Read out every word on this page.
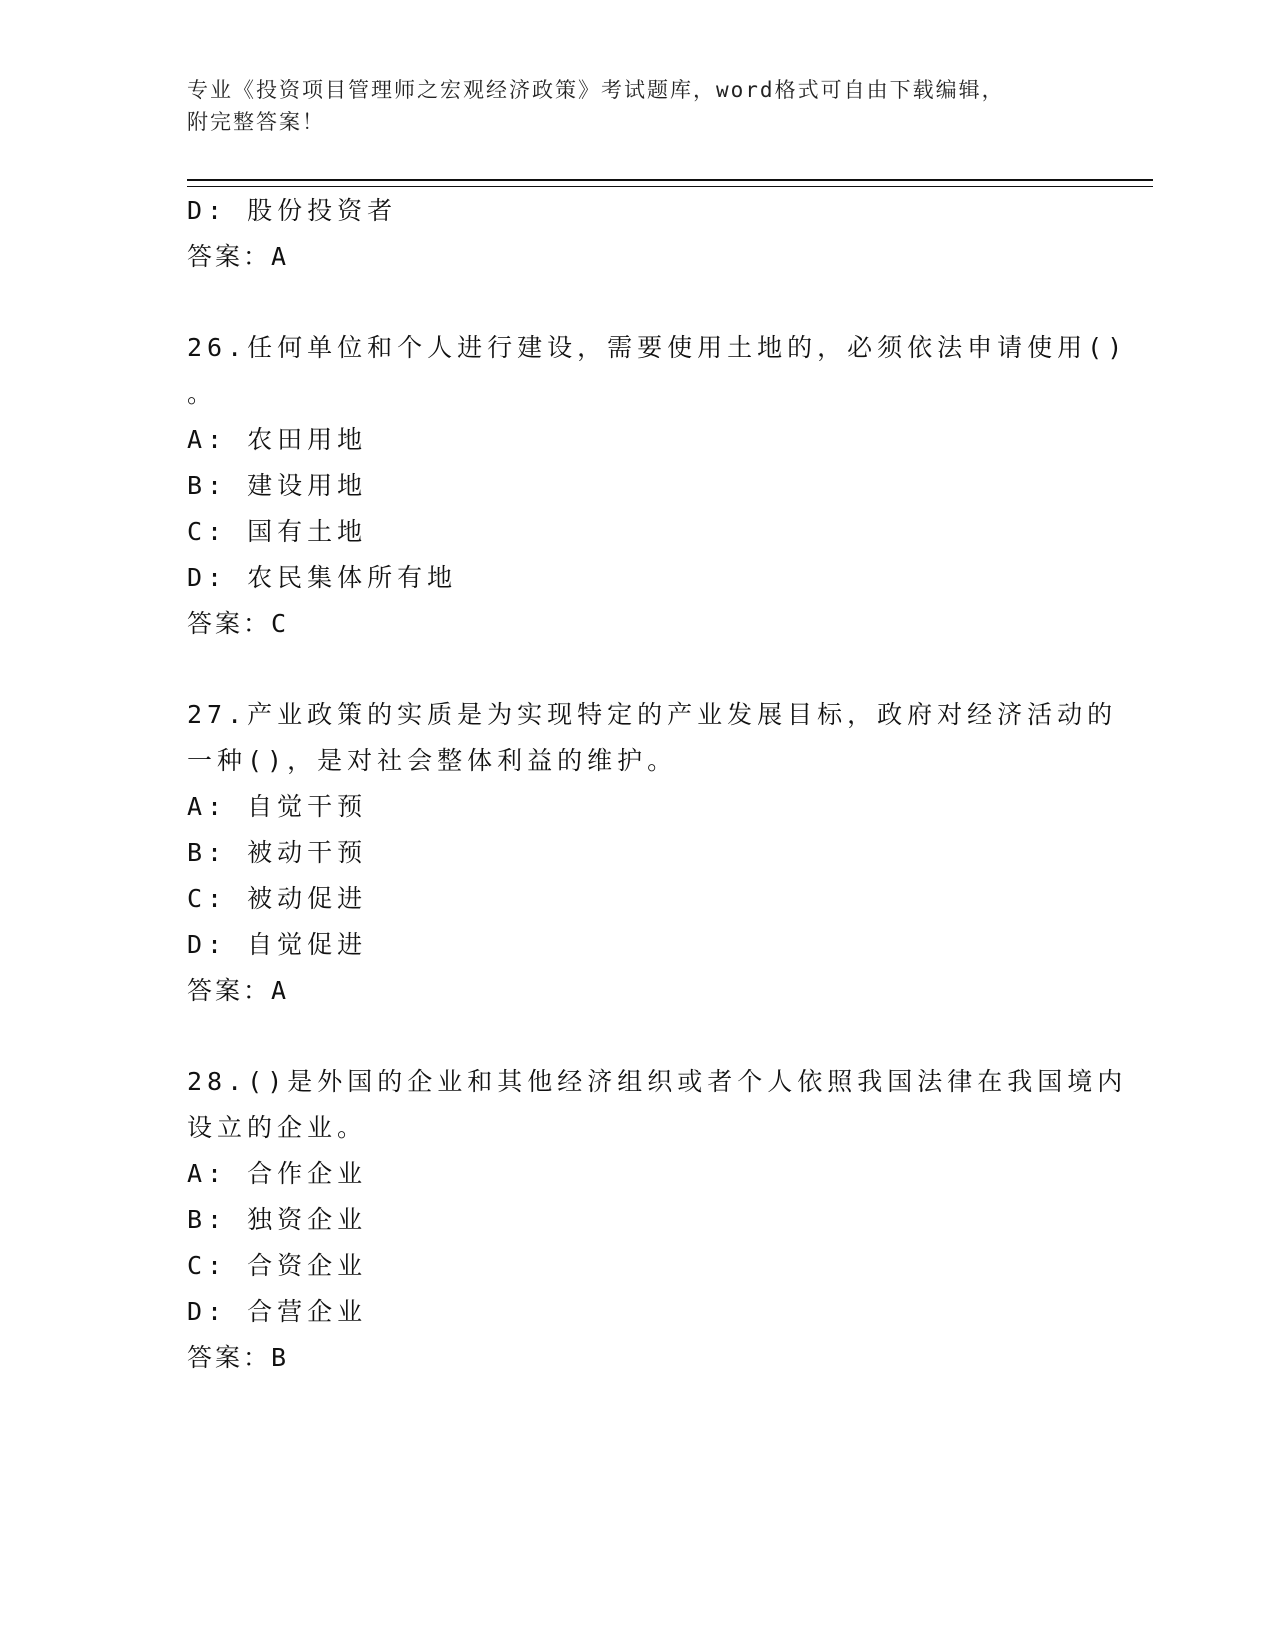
专业《投资项目管理师之宏观经济政策》考试题库，word格式可自由下载编辑，
附完整答案！
D: 股份投资者
答案：A
26.任何单位和个人进行建设，需要使用土地的，必须依法申请使用()
。
A: 农田用地
B: 建设用地
C: 国有土地
D: 农民集体所有地
答案：C
27.产业政策的实质是为实现特定的产业发展目标，政府对经济活动的
一种()，是对社会整体利益的维护。
A: 自觉干预
B: 被动干预
C: 被动促进
D: 自觉促进
答案：A
28.()是外国的企业和其他经济组织或者个人依照我国法律在我国境内
设立的企业。
A: 合作企业
B: 独资企业
C: 合资企业
D: 合营企业
答案：B
